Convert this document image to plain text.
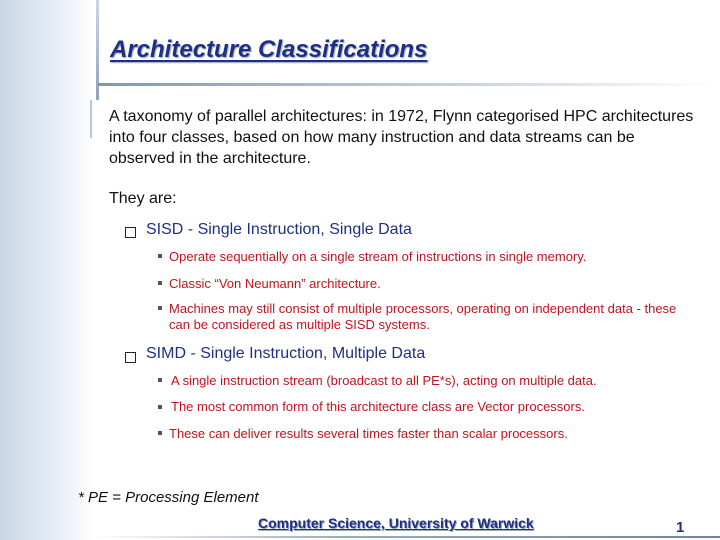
Architecture Classifications
A taxonomy of parallel architectures: in 1972, Flynn categorised HPC architectures into four classes, based on how many instruction and data streams can be observed in the architecture.
They are:
SISD - Single Instruction, Single Data
Operate sequentially on a single stream of instructions in single memory.
Classic “Von Neumann” architecture.
Machines may still consist of multiple processors, operating on independent data - these can be considered as multiple SISD systems.
SIMD - Single Instruction, Multiple Data
A single instruction stream (broadcast to all PE*s), acting on multiple data.
The most common form of this architecture class are Vector processors.
These can deliver results several times faster than scalar processors.
* PE = Processing Element
Computer Science, University of Warwick	1
